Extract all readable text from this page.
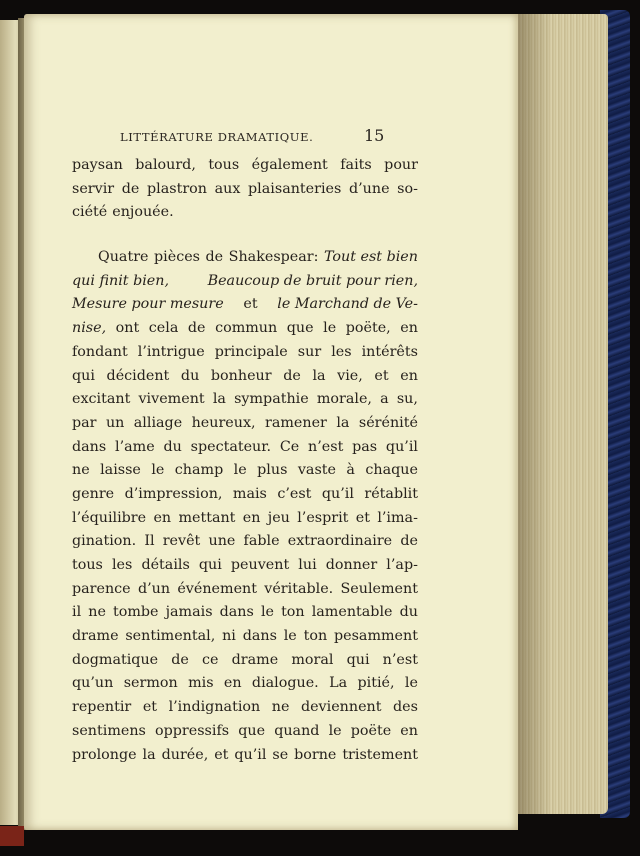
LITTÉRATURE DRAMATIQUE.	15
paysan balourd, tous également faits pour
servir de plastron aux plaisanteries d’une so-
ciété enjouée.
Quatre pièces de Shakespear: Tout est bien
qui finit bien,	Beaucoup de bruit pour rien,
Mesure pour mesure et le Marchand de Ve-
nise, ont cela de commun que le poëte, en
fondant l’intrigue principale sur les intérêts
qui décident du bonheur de la vie, et en
excitant vivement la sympathie morale, a su,
par un alliage heureux, ramener la sérénité
dans l’ame du spectateur. Ce n’est pas qu’il
ne laisse le champ le plus vaste à chaque
genre d’impression, mais c’est qu’il rétablit
l’équilibre en mettant en jeu l’esprit et l’ima-
gination. Il revêt une fable extraordinaire de
tous les détails qui peuvent lui donner l’ap-
parence d’un événement véritable. Seulement
il ne tombe jamais dans le ton lamentable du
drame sentimental, ni dans le ton pesamment
dogmatique de ce drame moral qui n’est
qu’un sermon mis en dialogue. La pitié, le
repentir et l’indignation ne deviennent des
sentimens oppressifs que quand le poëte en
prolonge la durée, et qu’il se borne tristement
